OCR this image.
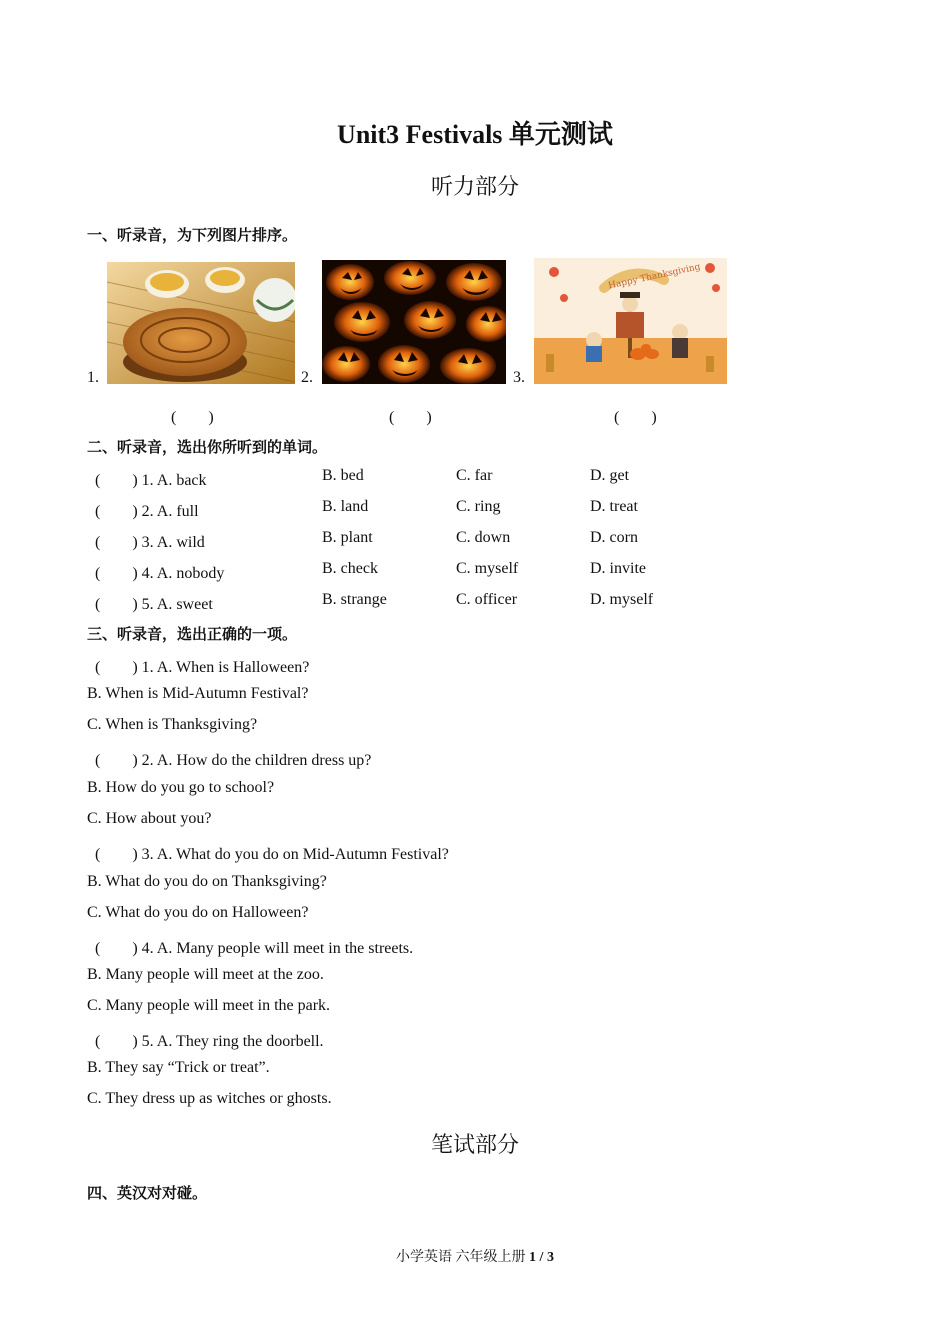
Unit3 Festivals 单元测试
听力部分
一、听录音，为下列图片排序。
1.
(　　)
2.
(　　)
3.
Happy Thanksgiving
(　　)
二、听录音，选出你所听到的单词。
(　　) 1. A. back	B. bed	C. far	D. get
(　　) 2. A. full	B. land	C. ring	D. treat
(　　) 3. A. wild	B. plant	C. down	D. corn
(　　) 4. A. nobody	B. check	C. myself	D. invite
(　　) 5. A. sweet	B. strange	C. officer	D. myself
三、听录音，选出正确的一项。
(　　) 1. A. When is Halloween?
B. When is Mid-Autumn Festival?
C. When is Thanksgiving?
(　　) 2. A. How do the children dress up?
B. How do you go to school?
C. How about you?
(　　) 3. A. What do you do on Mid-Autumn Festival?
B. What do you do on Thanksgiving?
C. What do you do on Halloween?
(　　) 4. A. Many people will meet in the streets.
B. Many people will meet at the zoo.
C. Many people will meet in the park.
(　　) 5. A. They ring the doorbell.
B. They say “Trick or treat”.
C. They dress up as witches or ghosts.
笔试部分
四、英汉对对碰。
小学英语 六年级上册 1 / 3
